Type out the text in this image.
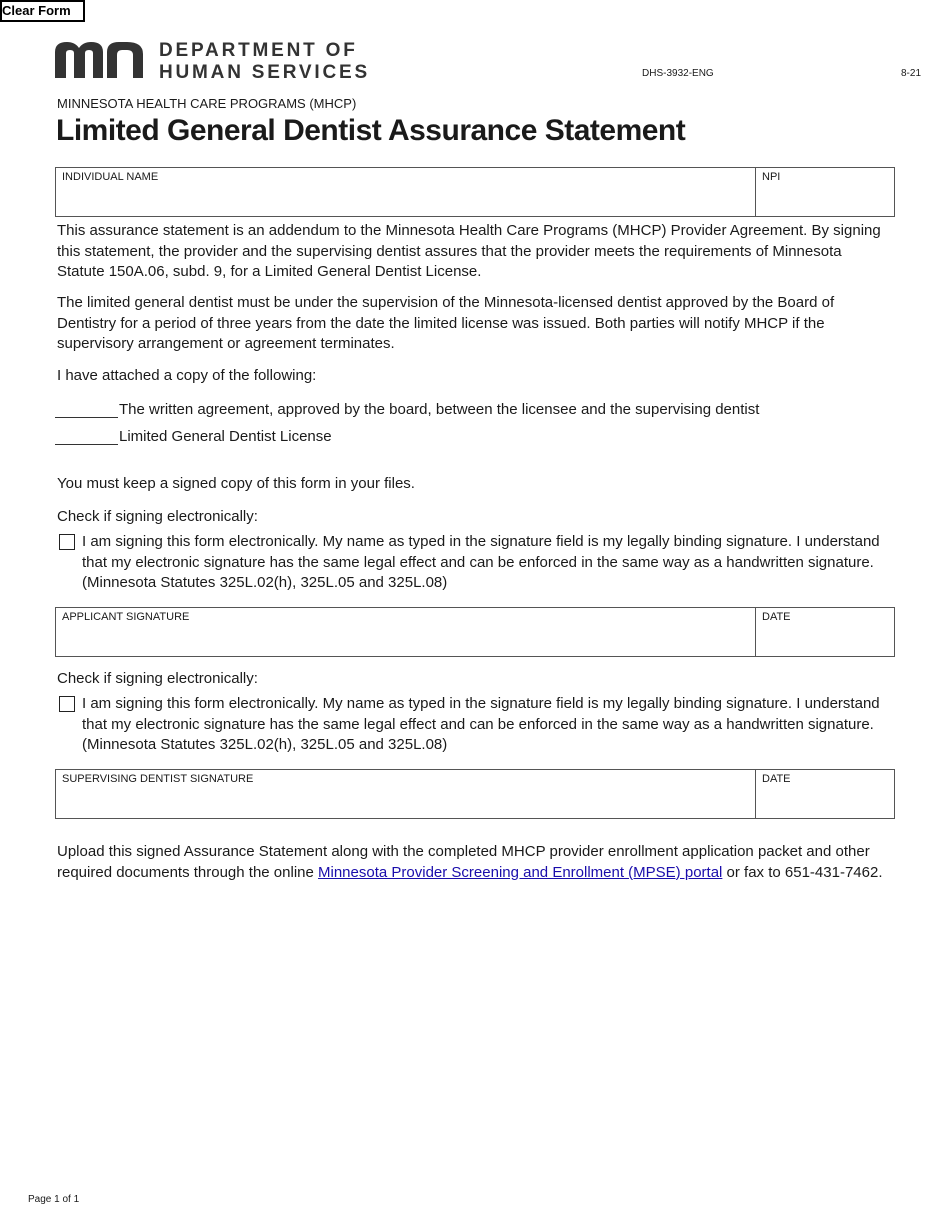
Clear Form
DEPARTMENT OF
HUMAN SERVICES	DHS-3932-ENG	8-21
MINNESOTA HEALTH CARE PROGRAMS (MHCP)
Limited General Dentist Assurance Statement
INDIVIDUAL NAME	NPI

This assurance statement is an addendum to the Minnesota Health Care Programs (MHCP) Provider Agreement. By signing this statement, the provider and the supervising dentist assures that the provider meets the requirements of Minnesota Statute 150A.06, subd. 9, for a Limited General Dentist License.

The limited general dentist must be under the supervision of the Minnesota-licensed dentist approved by the Board of Dentistry for a period of three years from the date the limited license was issued. Both parties will notify MHCP if the supervisory arrangement or agreement terminates.

I have attached a copy of the following:
The written agreement, approved by the board, between the licensee and the supervising dentist
Limited General Dentist License
You must keep a signed copy of this form in your files.
Check if signing electronically:
I am signing this form electronically. My name as typed in the signature field is my legally binding signature. I understand that my electronic signature has the same legal effect and can be enforced in the same way as a handwritten signature. (Minnesota Statutes 325L.02(h), 325L.05 and 325L.08)
APPLICANT SIGNATURE	DATE
Check if signing electronically:
I am signing this form electronically. My name as typed in the signature field is my legally binding signature. I understand that my electronic signature has the same legal effect and can be enforced in the same way as a handwritten signature. (Minnesota Statutes 325L.02(h), 325L.05 and 325L.08)
SUPERVISING DENTIST SIGNATURE	DATE
Upload this signed Assurance Statement along with the completed MHCP provider enrollment application packet and other required documents through the online Minnesota Provider Screening and Enrollment (MPSE) portal or fax to 651-431-7462.
Page 1 of 1
